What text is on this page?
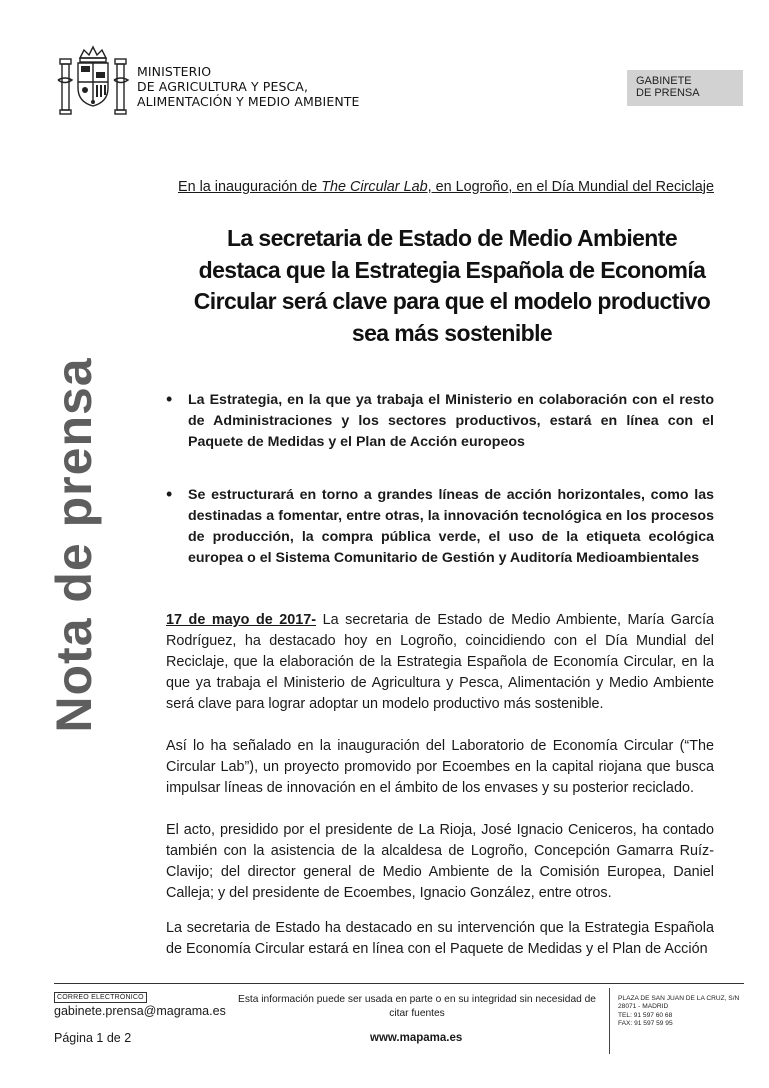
MINISTERIO
DE AGRICULTURA Y PESCA,
ALIMENTACIÓN Y MEDIO AMBIENTE
GABINETE
DE PRENSA
Nota de prensa
En la inauguración de The Circular Lab, en Logroño, en el Día Mundial del Reciclaje
La secretaria de Estado de Medio Ambiente
destaca que la Estrategia Española de Economía
Circular será clave para que el modelo productivo
sea más sostenible
• La Estrategia, en la que ya trabaja el Ministerio en colaboración con el resto de Administraciones y los sectores productivos, estará en línea con el Paquete de Medidas y el Plan de Acción europeos
• Se estructurará en torno a grandes líneas de acción horizontales, como las destinadas a fomentar, entre otras, la innovación tecnológica en los procesos de producción, la compra pública verde, el uso de la etiqueta ecológica europea o el Sistema Comunitario de Gestión y Auditoría Medioambientales
17 de mayo de 2017- La secretaria de Estado de Medio Ambiente, María García Rodríguez, ha destacado hoy en Logroño, coincidiendo con el Día Mundial del Reciclaje, que la elaboración de la Estrategia Española de Economía Circular, en la que ya trabaja el Ministerio de Agricultura y Pesca, Alimentación y Medio Ambiente será clave para lograr adoptar un modelo productivo más sostenible.
Así lo ha señalado en la inauguración del Laboratorio de Economía Circular (“The Circular Lab”), un proyecto promovido por Ecoembes en la capital riojana que busca impulsar líneas de innovación en el ámbito de los envases y su posterior reciclado.
El acto, presidido por el presidente de La Rioja, José Ignacio Ceniceros, ha contado también con la asistencia de la alcaldesa de Logroño, Concepción Gamarra Ruíz-Clavijo; del director general de Medio Ambiente de la Comisión Europea, Daniel Calleja; y del presidente de Ecoembes, Ignacio González, entre otros.
La secretaria de Estado ha destacado en su intervención que la Estrategia Española de Economía Circular estará en línea con el Paquete de Medidas y el Plan de Acción
CORREO ELECTRÓNICO
gabinete.prensa@magrama.es
Esta información puede ser usada en parte o en su integridad sin necesidad de citar fuentes
PLAZA DE SAN JUAN DE LA CRUZ, S/N
28071 - MADRID
TEL: 91 597 60 68
FAX: 91 597 59 95
Página 1 de 2	www.mapama.es
